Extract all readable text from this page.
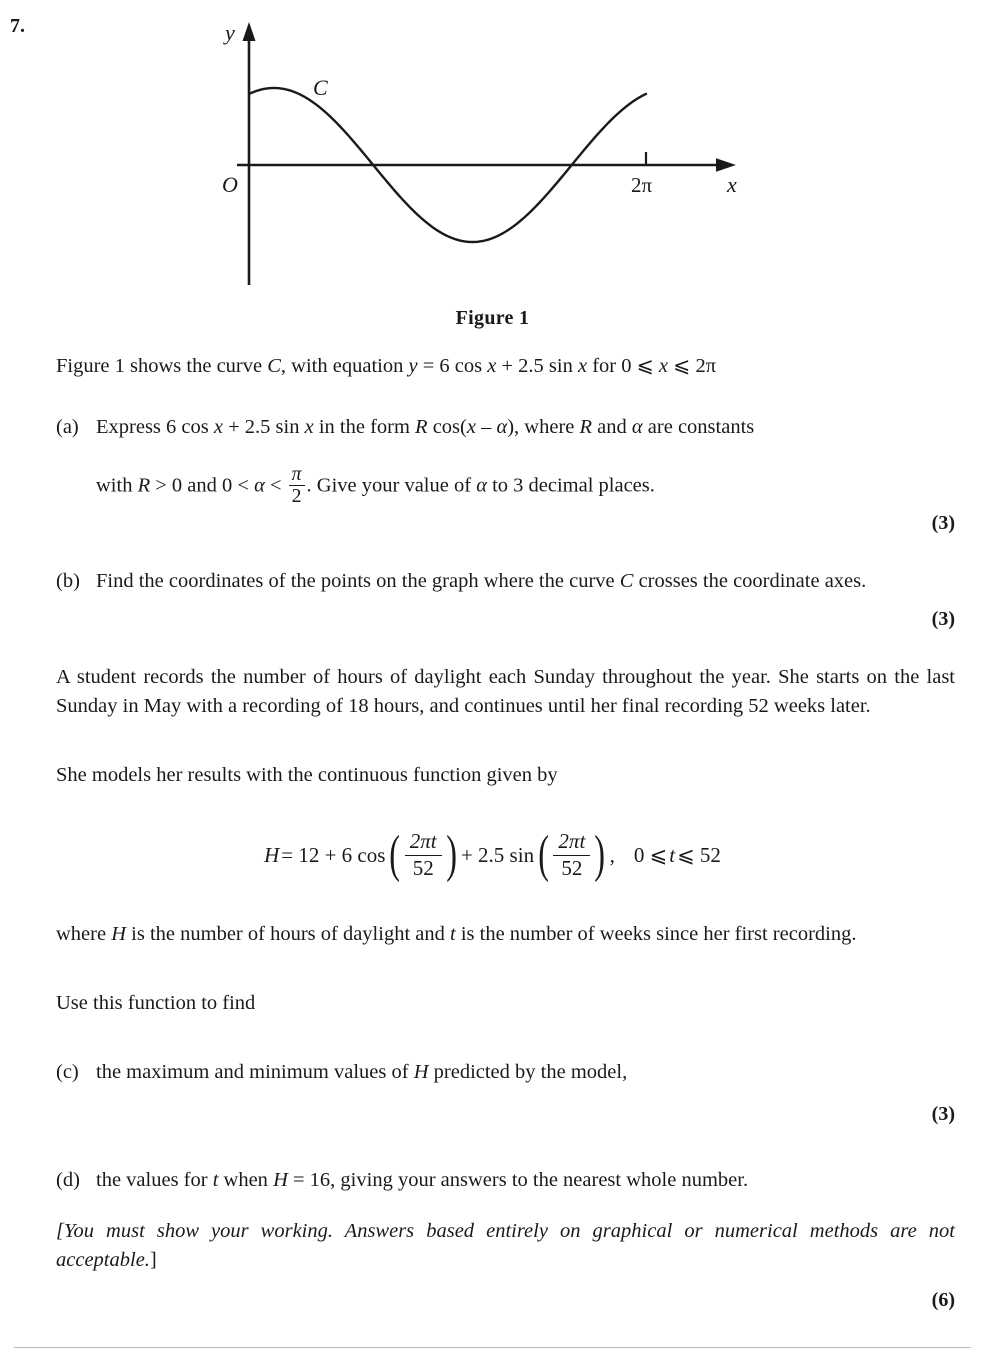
7.	y
x
O
C
2π
Figure 1

Figure 1 shows the curve C, with equation y = 6 cos x + 2.5 sin x for 0 ⩽ x ⩽ 2π

(a) Express 6 cos x + 2.5 sin x in the form R cos(x – α), where R and α are constants

with R > 0 and $0 < \alpha < \frac{\pi}{2}$ . Give your value of α to 3 decimal places.

(3)

(b) Find the coordinates of the points on the graph where the curve C crosses the coordinate axes.

(3)

A student records the number of hours of daylight each Sunday throughout the year. She starts on the last Sunday in May with a recording of 18 hours, and continues until her final recording 52 weeks later.

She models her results with the continuous function given by

H = 12 + 6 cos ( $\frac{2\pi t}{52}$ ) + 2.5 sin ( $\frac{2\pi t}{52}$ ) , 0 ⩽ t ⩽ 52

where H is the number of hours of daylight and t is the number of weeks since her first recording.

Use this function to find

(c) the maximum and minimum values of H predicted by the model,

(3)

(d) the values for t when H = 16, giving your answers to the nearest whole number.

[You must show your working. Answers based entirely on graphical or numerical methods are not acceptable.]

(6)
